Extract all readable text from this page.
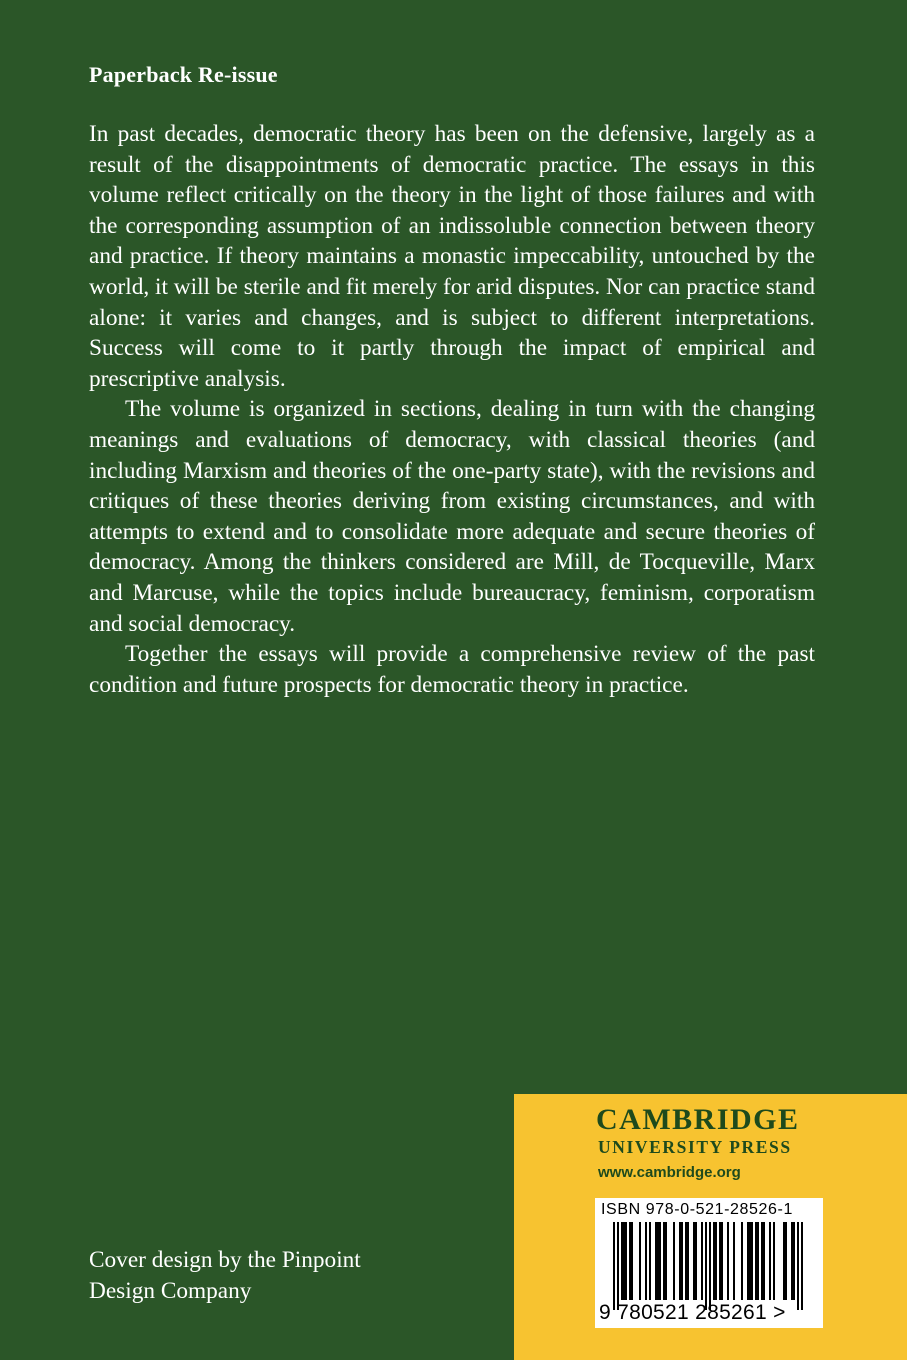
Paperback Re-issue

In past decades, democratic theory has been on the defensive, largely as a result of the disappointments of democratic practice. The essays in this volume reflect critically on the theory in the light of those failures and with the corresponding assumption of an indissoluble connection between theory and practice. If theory maintains a monastic impeccability, untouched by the world, it will be sterile and fit merely for arid disputes. Nor can practice stand alone: it varies and changes, and is subject to different interpretations. Success will come to it partly through the impact of empirical and prescriptive analysis.

The volume is organized in sections, dealing in turn with the changing meanings and evaluations of democracy, with classical theories (and including Marxism and theories of the one-party state), with the revisions and critiques of these theories deriving from existing circumstances, and with attempts to extend and to consolidate more adequate and secure theories of democracy. Among the thinkers considered are Mill, de Tocqueville, Marx and Marcuse, while the topics include bureaucracy, feminism, corporatism and social democracy.

Together the essays will provide a comprehensive review of the past condition and future prospects for democratic theory in practice.

Cover design by the Pinpoint
Design Company
CAMBRIDGE
UNIVERSITY PRESS
www.cambridge.org
ISBN 978-0-521-28526-1
9 780521 285261 >
